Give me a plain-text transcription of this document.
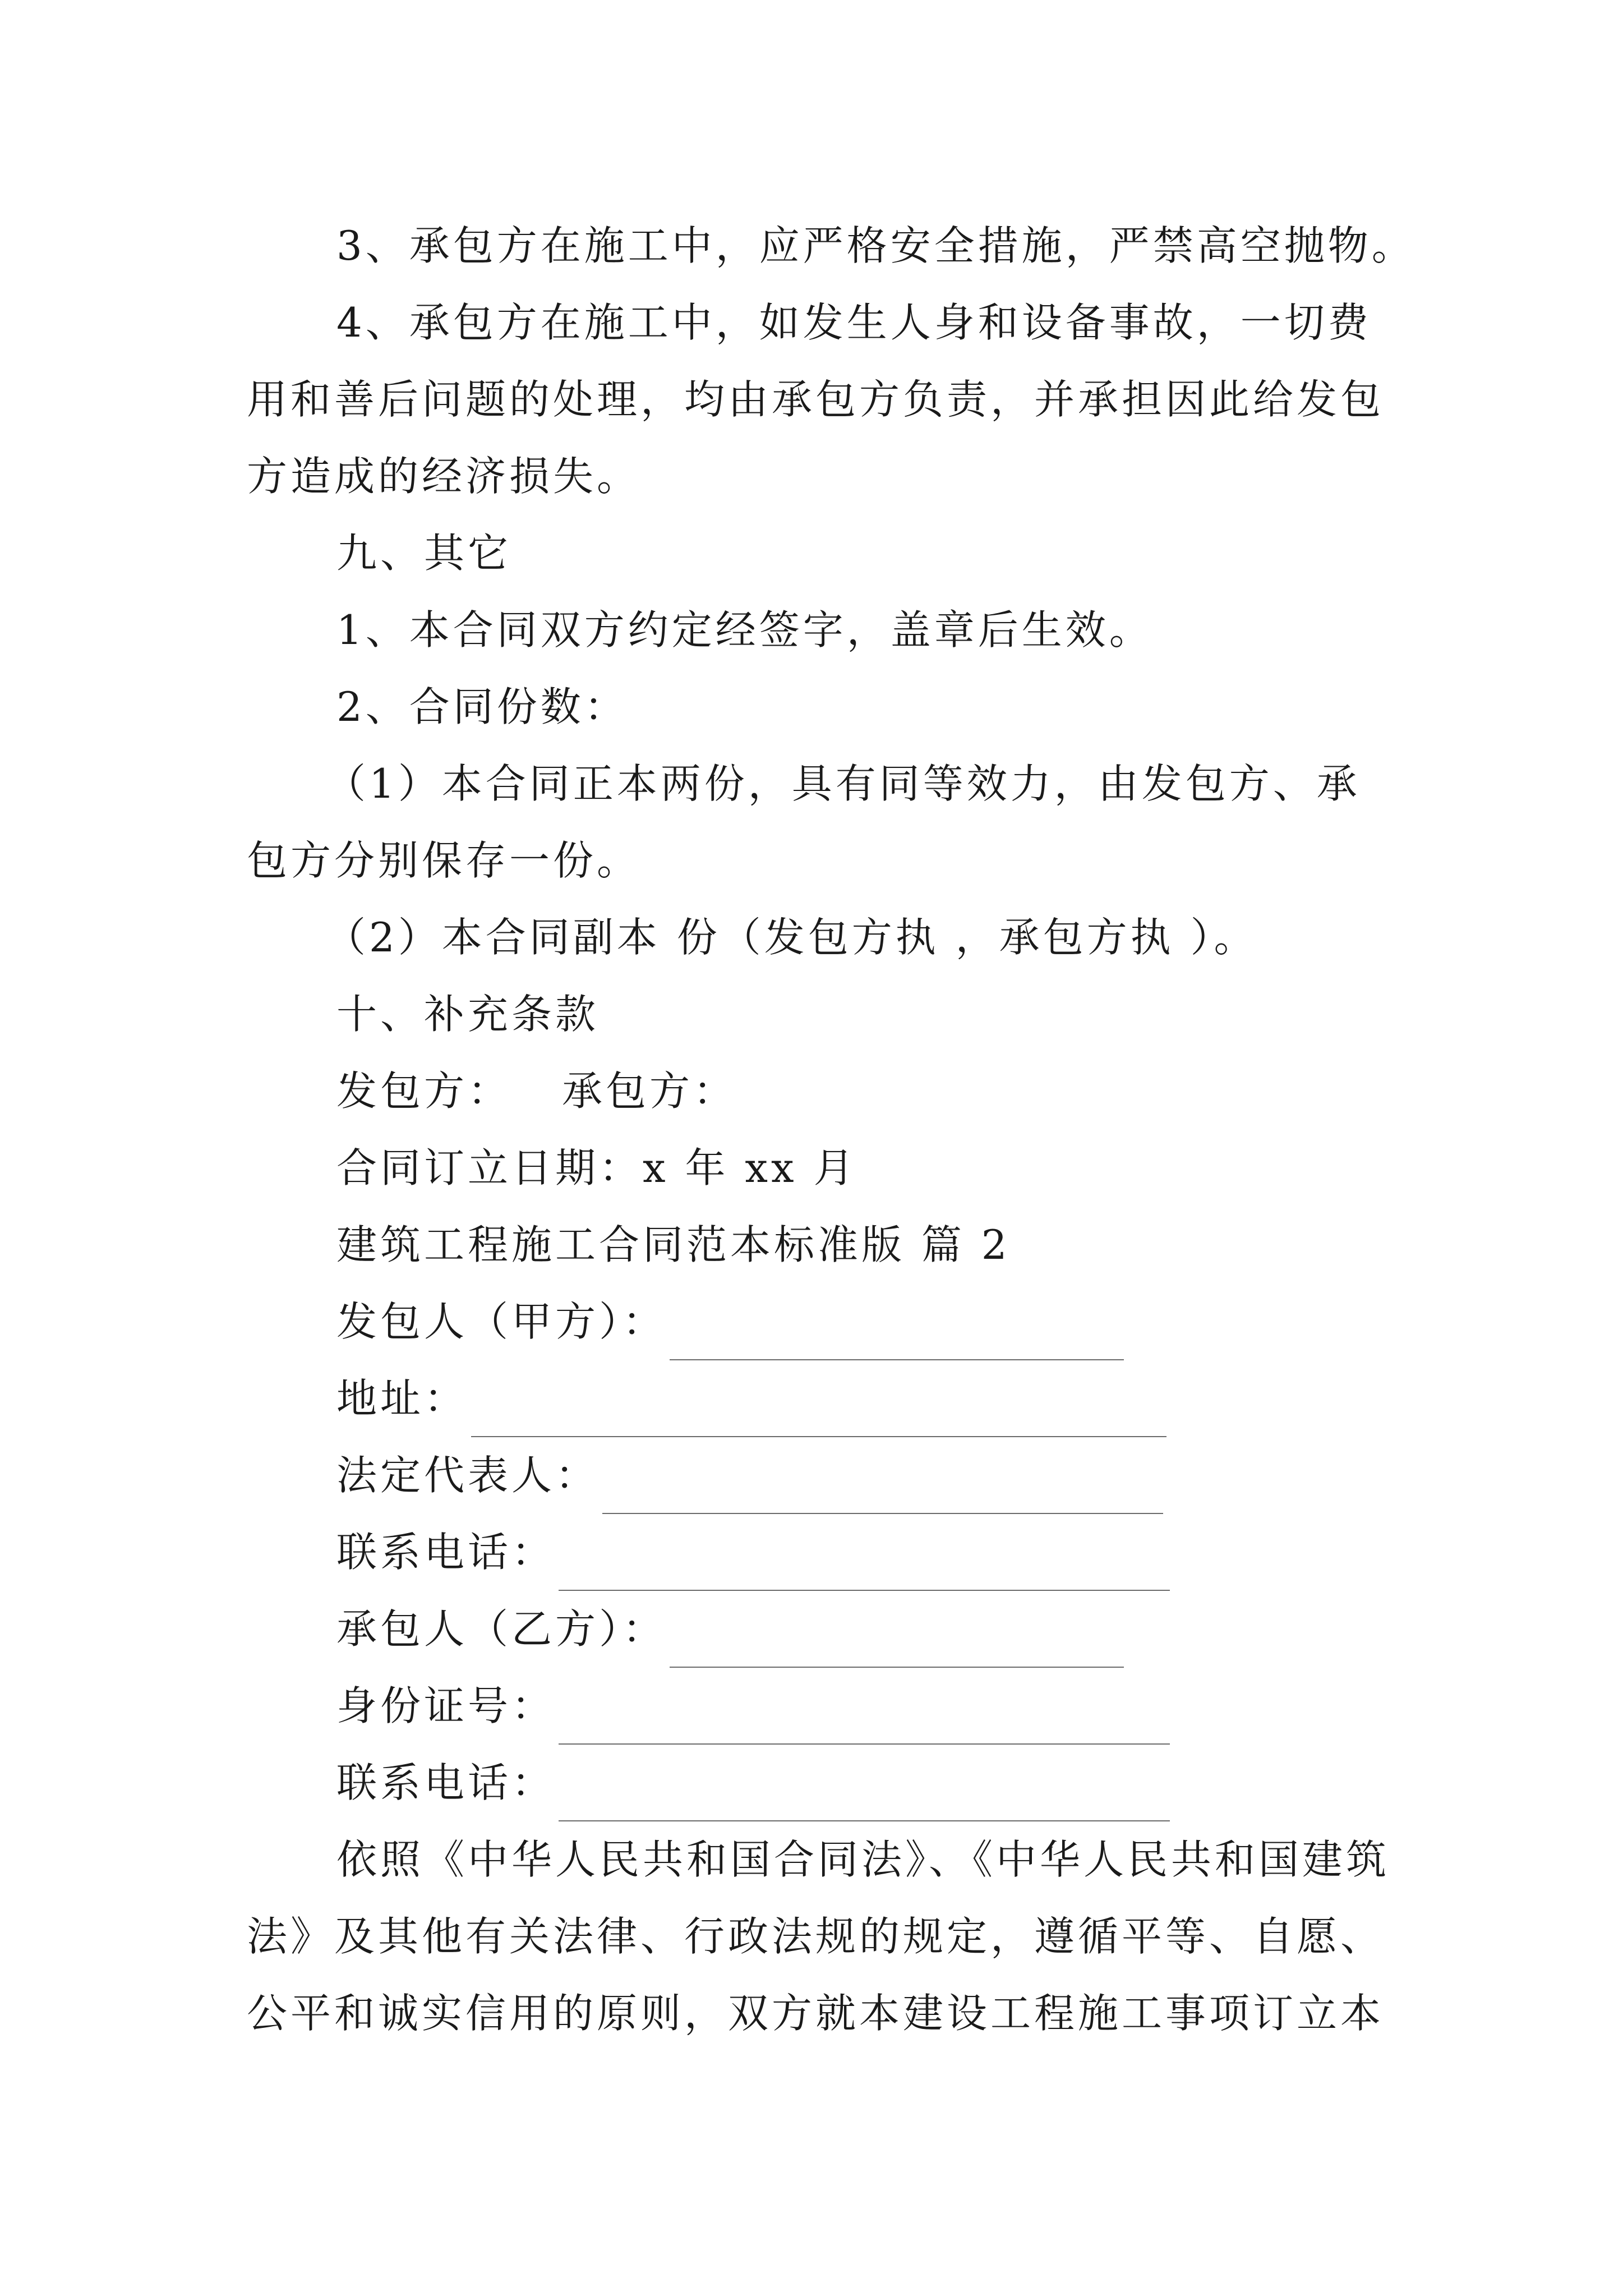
3、承包方在施工中，应严格安全措施，严禁高空抛物。
4、承包方在施工中，如发生人身和设备事故，一切费
用和善后问题的处理，均由承包方负责，并承担因此给发包
方造成的经济损失。
九、其它
1、本合同双方约定经签字，盖章后生效。
2、合同份数：
（1）本合同正本两份，具有同等效力，由发包方、承
包方分别保存一份。
（2）本合同副本 份（发包方执 ，承包方执 ）。
十、补充条款
发包方： 承包方：
合同订立日期：x 年 xx 月
建筑工程施工合同范本标准版 篇 2
发包人（甲方）：
地址：
法定代表人：
联系电话：
承包人（乙方）：
身份证号：
联系电话：
依照《中华人民共和国合同法》、《中华人民共和国建筑
法》及其他有关法律、行政法规的规定，遵循平等、自愿、
公平和诚实信用的原则，双方就本建设工程施工事项订立本
